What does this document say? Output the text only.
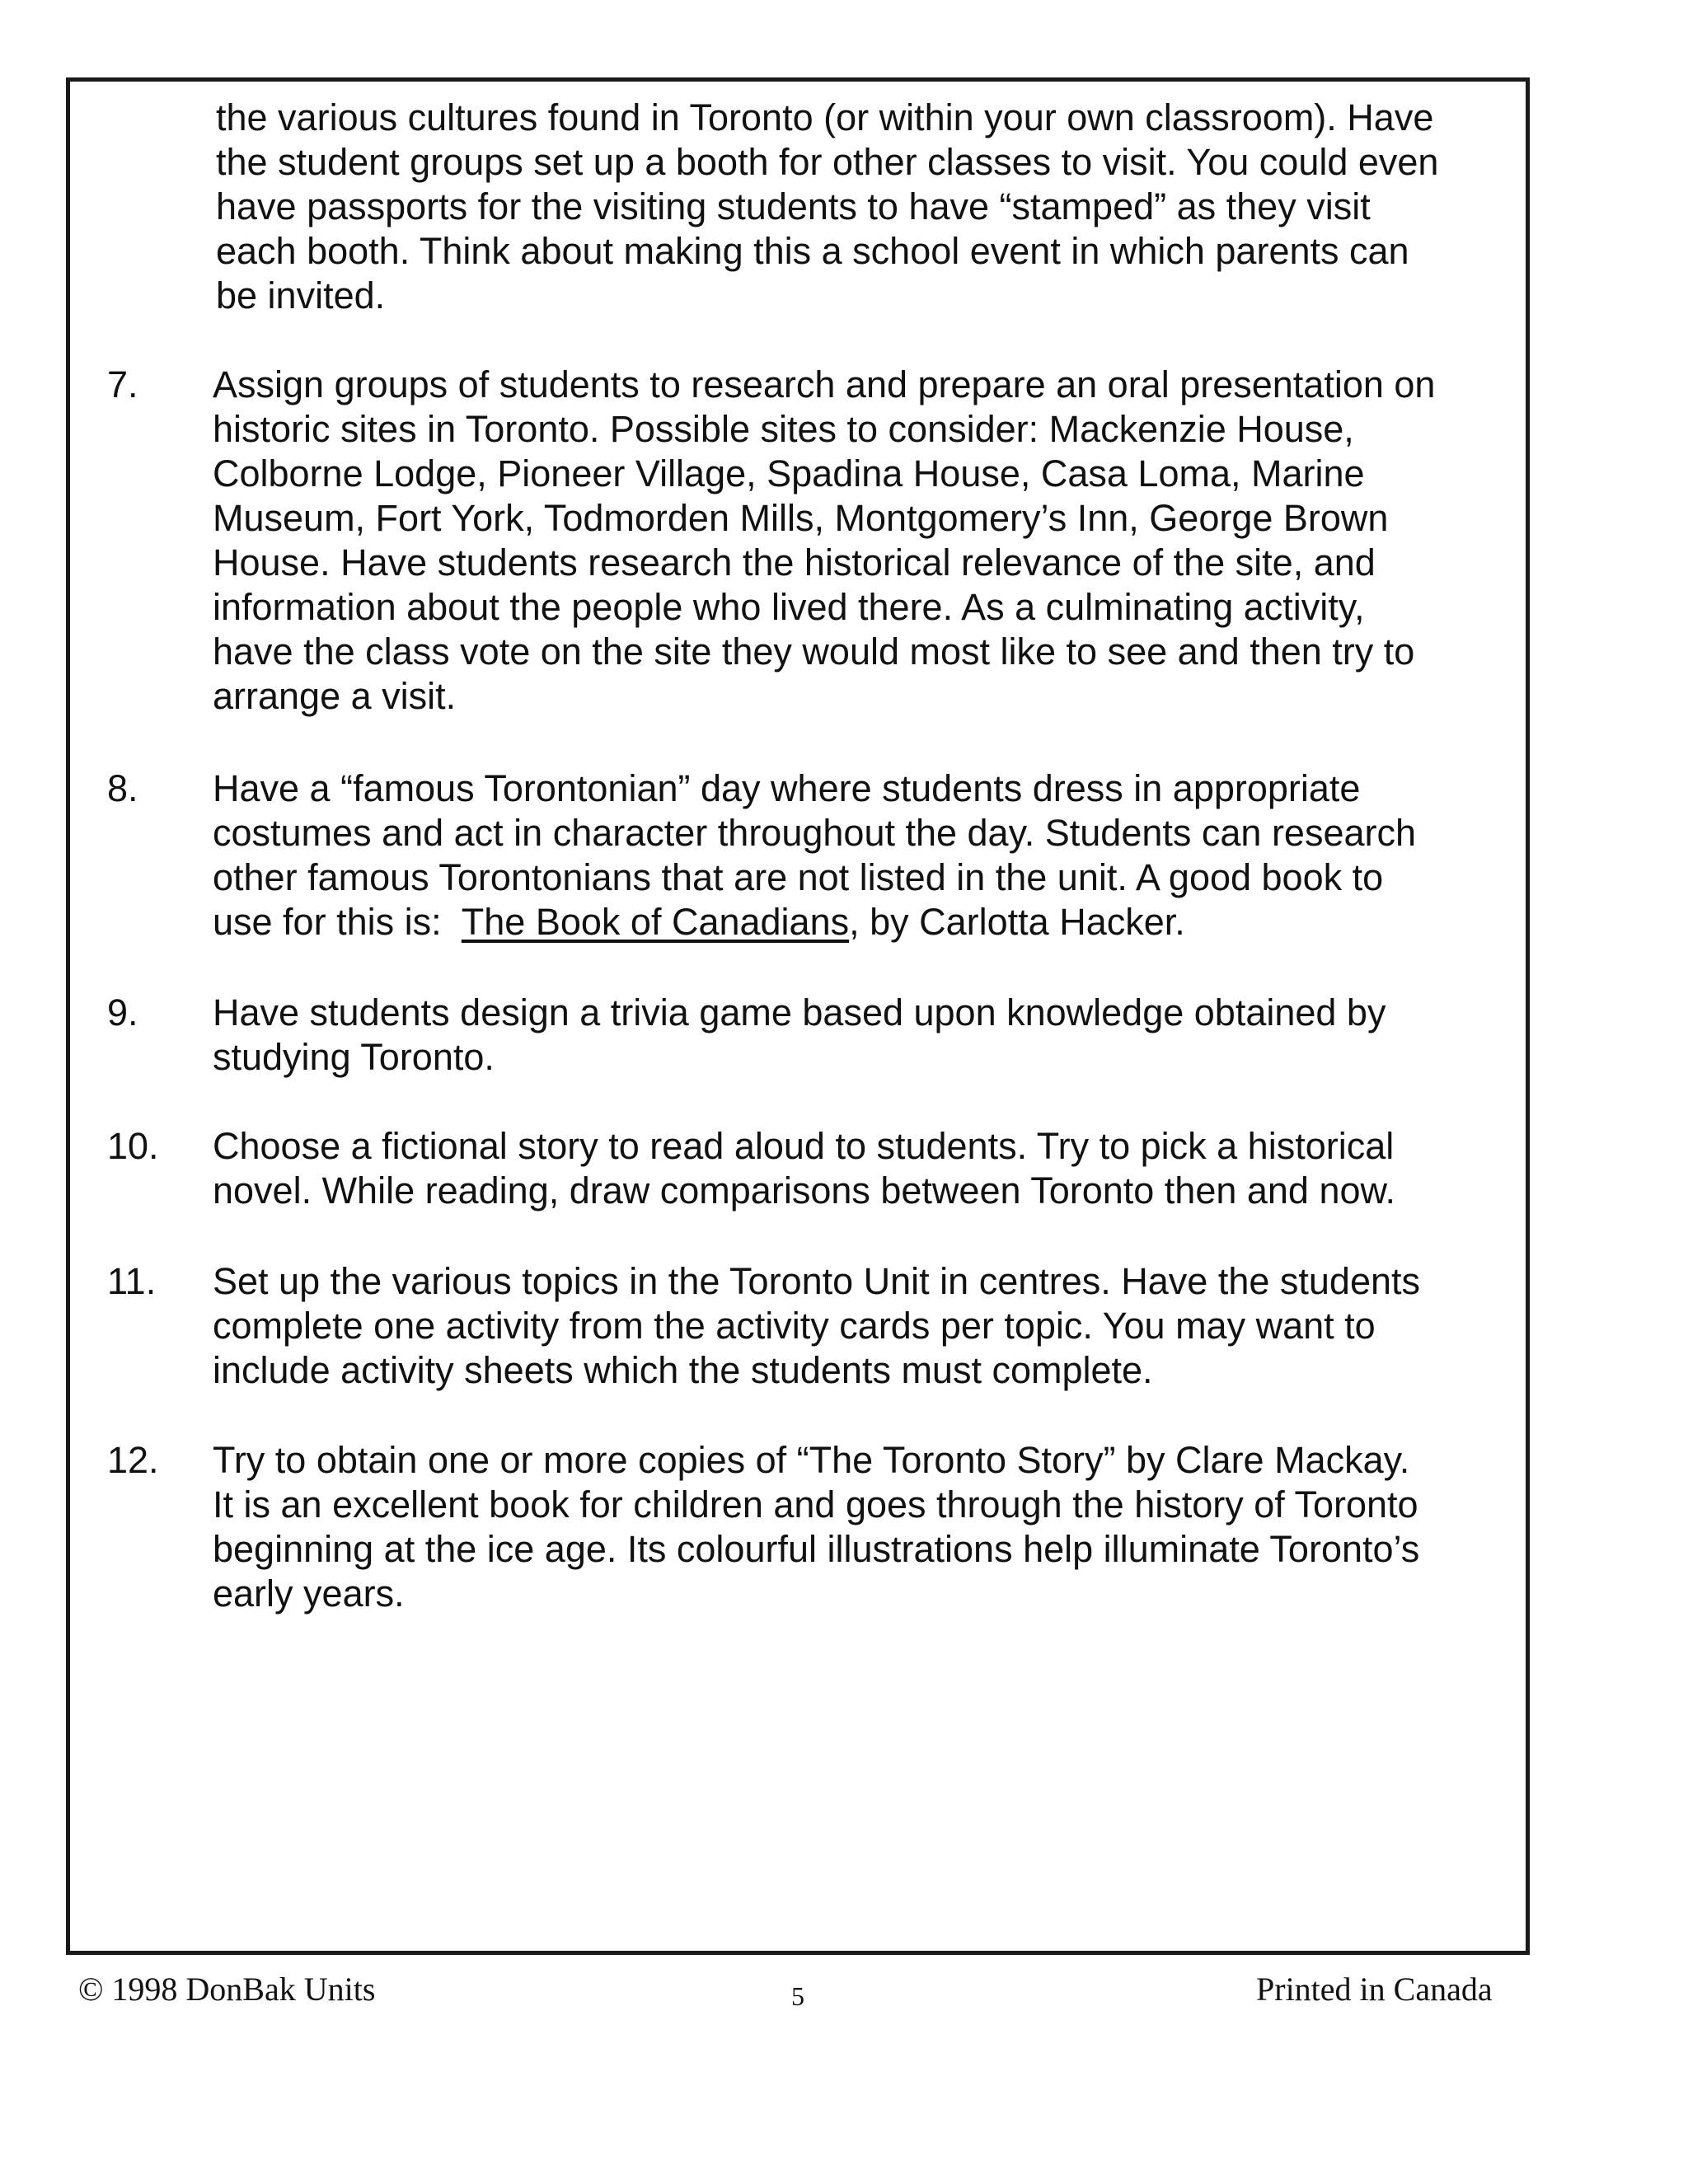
the various cultures found in Toronto (or within your own classroom). Have
the student groups set up a booth for other classes to visit. You could even
have passports for the visiting students to have “stamped” as they visit
each booth. Think about making this a school event in which parents can
be invited.
7. Assign groups of students to research and prepare an oral presentation on
historic sites in Toronto. Possible sites to consider: Mackenzie House,
Colborne Lodge, Pioneer Village, Spadina House, Casa Loma, Marine
Museum, Fort York, Todmorden Mills, Montgomery’s Inn, George Brown
House. Have students research the historical relevance of the site, and
information about the people who lived there. As a culminating activity,
have the class vote on the site they would most like to see and then try to
arrange a visit.
8. Have a “famous Torontonian” day where students dress in appropriate
costumes and act in character throughout the day. Students can research
other famous Torontonians that are not listed in the unit. A good book to
use for this is:  The Book of Canadians, by Carlotta Hacker.
9. Have students design a trivia game based upon knowledge obtained by
studying Toronto.
10. Choose a fictional story to read aloud to students. Try to pick a historical
novel. While reading, draw comparisons between Toronto then and now.
11. Set up the various topics in the Toronto Unit in centres. Have the students
complete one activity from the activity cards per topic. You may want to
include activity sheets which the students must complete.
12. Try to obtain one or more copies of “The Toronto Story” by Clare Mackay.
It is an excellent book for children and goes through the history of Toronto
beginning at the ice age. Its colourful illustrations help illuminate Toronto’s
early years.
© 1998 DonBak Units	5	Printed in Canada
